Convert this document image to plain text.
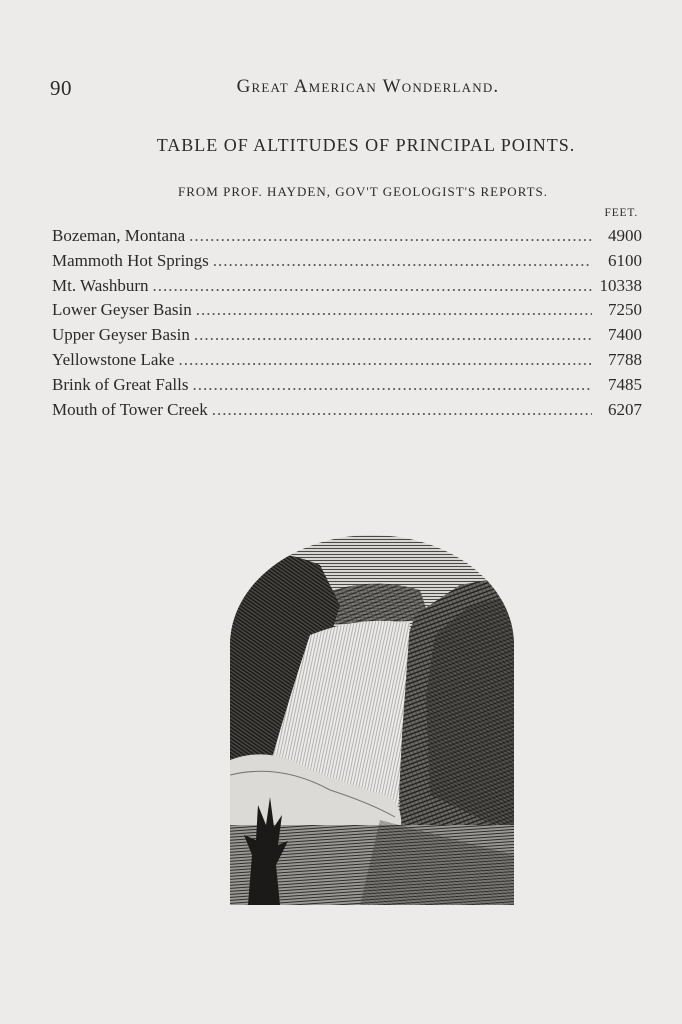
90	Great American Wonderland.
TABLE OF ALTITUDES OF PRINCIPAL POINTS.
FROM PROF. HAYDEN, GOV'T GEOLOGIST'S REPORTS.
FEET.
Bozeman, Montana .....	4900
Mammoth Hot Springs .....	6100
Mt. Washburn .....	10338
Lower Geyser Basin .....	7250
Upper Geyser Basin .....	7400
Yellowstone Lake .....	7788
Brink of Great Falls .....	7485
Mouth of Tower Creek .....	6207
